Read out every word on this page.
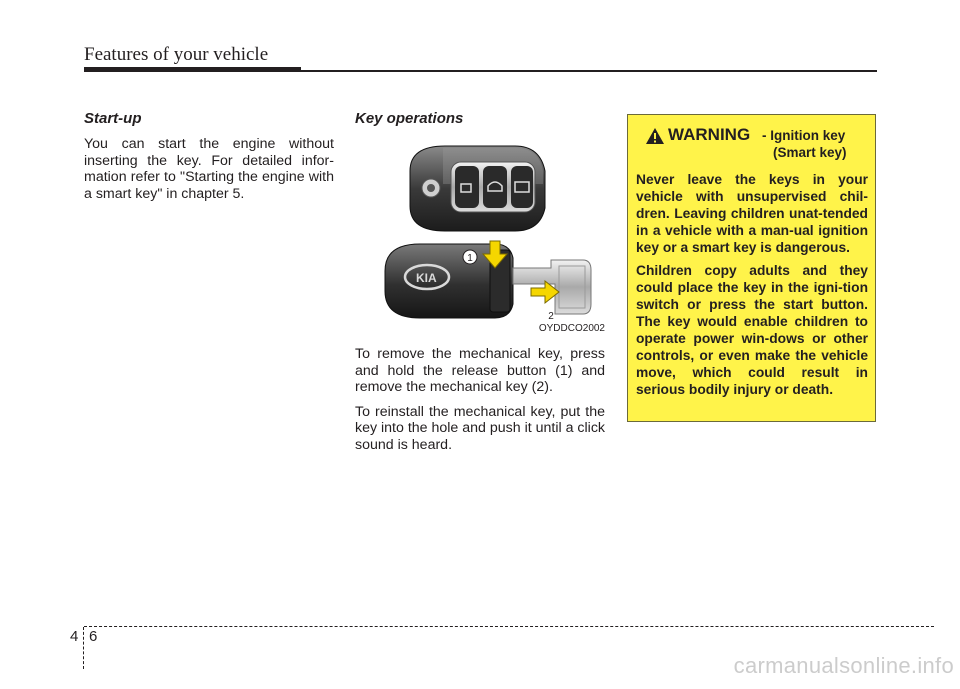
Features of your vehicle
Start-up

You can start the engine without inserting the key. For detailed infor-mation refer to "Starting the engine with a smart key" in chapter 5.

Key operations
KIA
1
2
OYDDCO2002

To remove the mechanical key, press and hold the release button (1) and remove the mechanical key (2).

To reinstall the mechanical key, put the key into the hole and push it until a click sound is heard.

WARNING - Ignition key
(Smart key)

Never leave the keys in your vehicle with unsupervised chil-dren. Leaving children unat-tended in a vehicle with a man-ual ignition key or a smart key is dangerous.

Children copy adults and they could place the key in the igni-tion switch or press the start button. The key would enable children to operate power win-dows or other controls, or even make the vehicle move, which could result in serious bodily injury or death.

4 6
carmanualsonline.info
